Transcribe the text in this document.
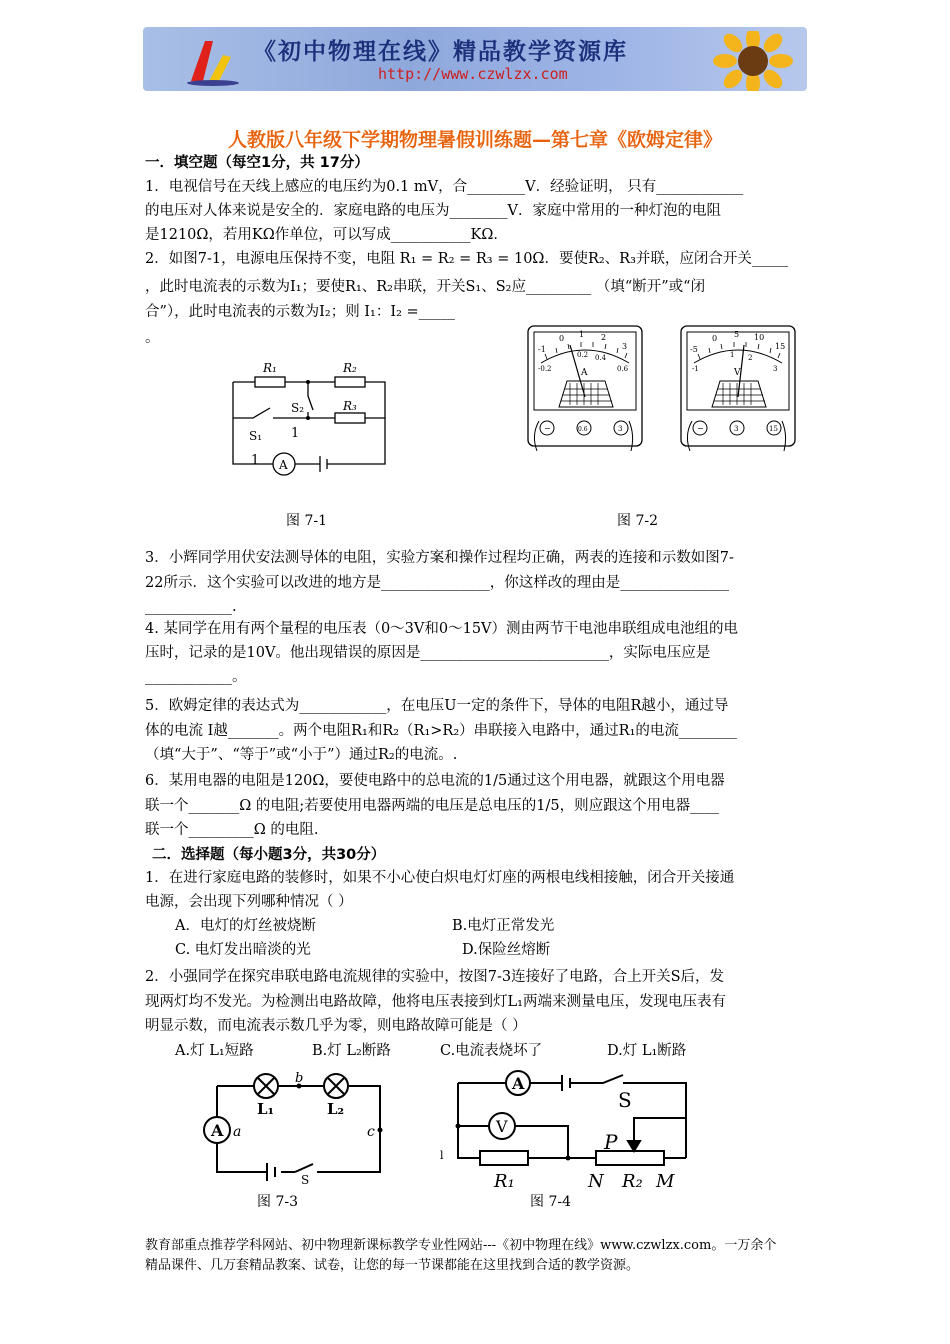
《初中物理在线》精品教学资源库
http://www.czwlzx.com
人教版八年级下学期物理暑假训练题—第七章《欧姆定律》
一．填空题（每空1分，共 17分）
1．电视信号在天线上感应的电压约为0.1 mV，合________V．经验证明， 只有____________
的电压对人体来说是安全的．家庭电路的电压为________V．家庭中常用的一种灯泡的电阻
是1210Ω，若用KΩ作单位，可以写成___________KΩ．
2．如图7-1，电源电压保持不变，电阻 R₁ = R₂ = R₃ = 10Ω．要使R₂、R₃并联，应闭合开关_____
，此时电流表的示数为I₁；要使R₁、R₂串联，开关S₁、S₂应_________ （填“断开”或“闭
合”），此时电流表的示数为I₂；则 I₁：I₂ =_____
。
R₁	R₂
R₃
S₂
S₁ 1
1 A
-1
0 1 2
3
-0.2
0.2 0.4
0.6
A
−	0.6	3
-5
0 5 10
15
-1
1 2
3
V
−	3	15
图 7-1	图 7-2
3．小辉同学用伏安法测导体的电阻，实验方案和操作过程均正确，两表的连接和示数如图7-
22所示．这个实验可以改进的地方是_______________，你这样改的理由是_______________
____________.
4. 某同学在用有两个量程的电压表（0～3V和0～15V）测由两节干电池串联组成电池组的电
压时，记录的是10V。他出现错误的原因是__________________________，实际电压应是
____________。
5．欧姆定律的表达式为____________，在电压U一定的条件下，导体的电阻R越小，通过导
体的电流 I越_______。两个电阻R₁和R₂（R₁>R₂）串联接入电路中，通过R₁的电流________
（填“大于”、“等于”或“小于”）通过R₂的电流。.
6．某用电器的电阻是120Ω，要使电路中的总电流的1/5通过这个用电器，就跟这个用电器
联一个_______Ω 的电阻;若要使用电器两端的电压是总电压的1/5，则应跟这个用电器____
联一个_________Ω 的电阻.
二．选择题（每小题3分，共30分）
1．在进行家庭电路的装修时，如果不小心使白炽电灯灯座的两根电线相接触，闭合开关接通
电源，会出现下列哪种情况（ ）
A．电灯的灯丝被烧断	B.电灯正常发光
C. 电灯发出暗淡的光	D.保险丝熔断
2．小强同学在探究串联电路电流规律的实验中，按图7-3连接好了电路，合上开关S后，发
现两灯均不发光。为检测出电路故障，他将电压表接到灯L₁两端来测量电压，发现电压表有
明显示数，而电流表示数几乎为零，则电路故障可能是（ ）
A.灯 L₁短路	B.灯 L₂断路	C.电流表烧坏了	D.灯 L₁断路
A a
b
c
L₁	L₂
S
A
V
S
P
R₁	N R₂ M
l
图 7-3	图 7-4
教育部重点推荐学科网站、初中物理新课标教学专业性网站---《初中物理在线》www.czwlzx.com。一万余个
精品课件、几万套精品教案、试卷，让您的每一节课都能在这里找到合适的教学资源。
